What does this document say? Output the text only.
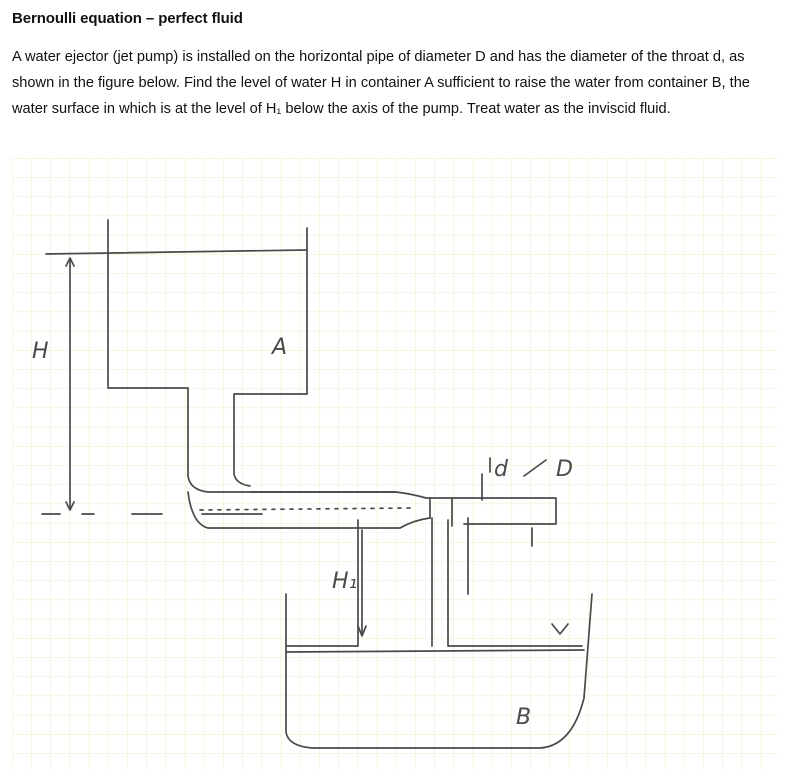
Bernoulli equation – perfect fluid
A water ejector (jet pump) is installed on the horizontal pipe of diameter D and has the diameter of the throat d, as shown in the figure below. Find the level of water H in container A sufficient to raise the water from container B, the water surface in which is at the level of H₁ below the axis of the pump. Treat water as the inviscid fluid.
H	A
d D
H₁
B
